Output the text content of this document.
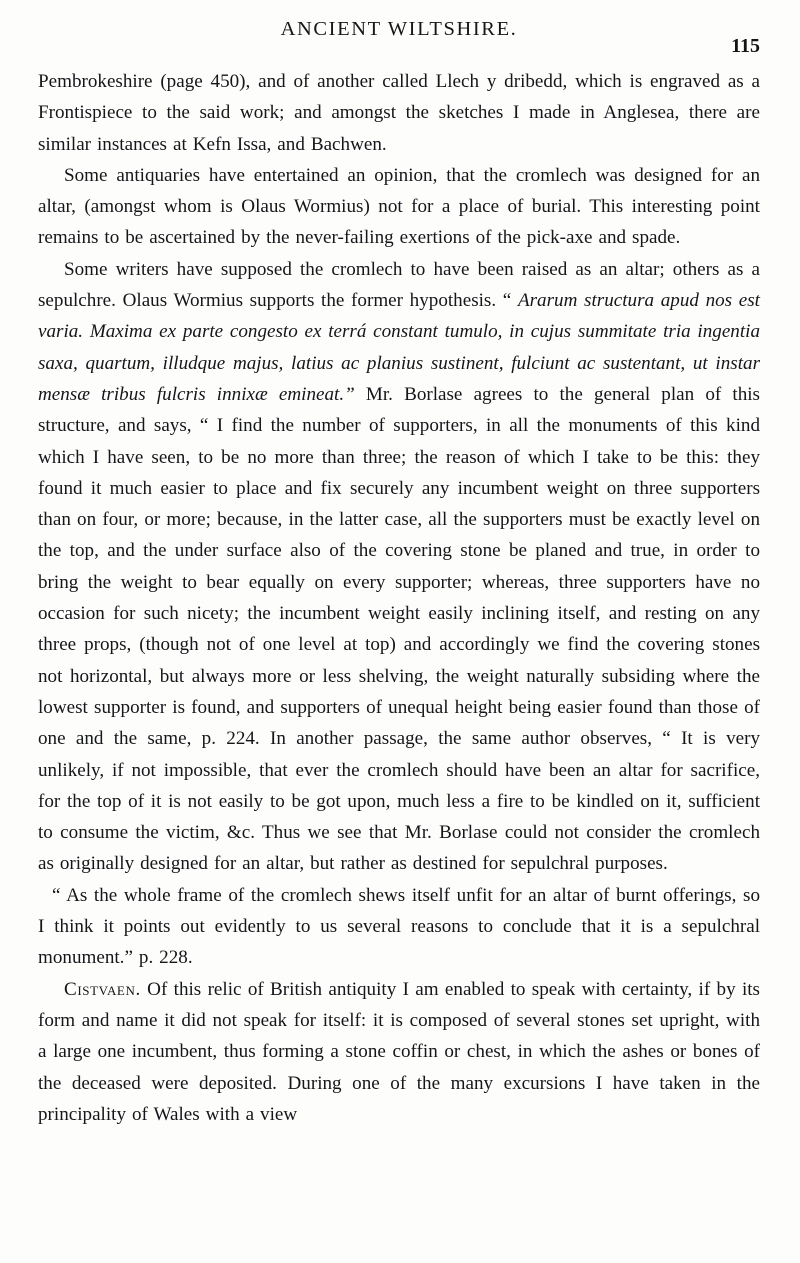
ANCIENT WILTSHIRE.
115

Pembrokeshire (page 450), and of another called Llech y dribedd, which is engraved as a Frontispiece to the said work; and amongst the sketches I made in Anglesea, there are similar instances at Kefn Issa, and Bachwen.

Some antiquaries have entertained an opinion, that the cromlech was designed for an altar, (amongst whom is Olaus Wormius) not for a place of burial. This interesting point remains to be ascertained by the never-failing exertions of the pick-axe and spade.

Some writers have supposed the cromlech to have been raised as an altar; others as a sepulchre. Olaus Wormius supports the former hypothesis. “ Ararum structura apud nos est varia. Maxima ex parte congesto ex terrá constant tumulo, in cujus summitate tria ingentia saxa, quartum, illudque majus, latius ac planius sustinent, fulciunt ac sustentant, ut instar mensæ tribus fulcris innixæ emineat.” Mr. Borlase agrees to the general plan of this structure, and says, “ I find the number of supporters, in all the monuments of this kind which I have seen, to be no more than three; the reason of which I take to be this: they found it much easier to place and fix securely any incumbent weight on three supporters than on four, or more; because, in the latter case, all the supporters must be exactly level on the top, and the under surface also of the covering stone be planed and true, in order to bring the weight to bear equally on every supporter; whereas, three supporters have no occasion for such nicety; the incumbent weight easily inclining itself, and resting on any three props, (though not of one level at top) and accordingly we find the covering stones not horizontal, but always more or less shelving, the weight naturally subsiding where the lowest supporter is found, and supporters of unequal height being easier found than those of one and the same, p. 224. In another passage, the same author observes, “ It is very unlikely, if not impossible, that ever the cromlech should have been an altar for sacrifice, for the top of it is not easily to be got upon, much less a fire to be kindled on it, sufficient to consume the victim, &c. Thus we see that Mr. Borlase could not consider the cromlech as originally designed for an altar, but rather as destined for sepulchral purposes.

“ As the whole frame of the cromlech shews itself unfit for an altar of burnt offerings, so I think it points out evidently to us several reasons to conclude that it is a sepulchral monument.” p. 228.

Cistvaen. Of this relic of British antiquity I am enabled to speak with certainty, if by its form and name it did not speak for itself: it is composed of several stones set upright, with a large one incumbent, thus forming a stone coffin or chest, in which the ashes or bones of the deceased were deposited. During one of the many excursions I have taken in the principality of Wales with a view
